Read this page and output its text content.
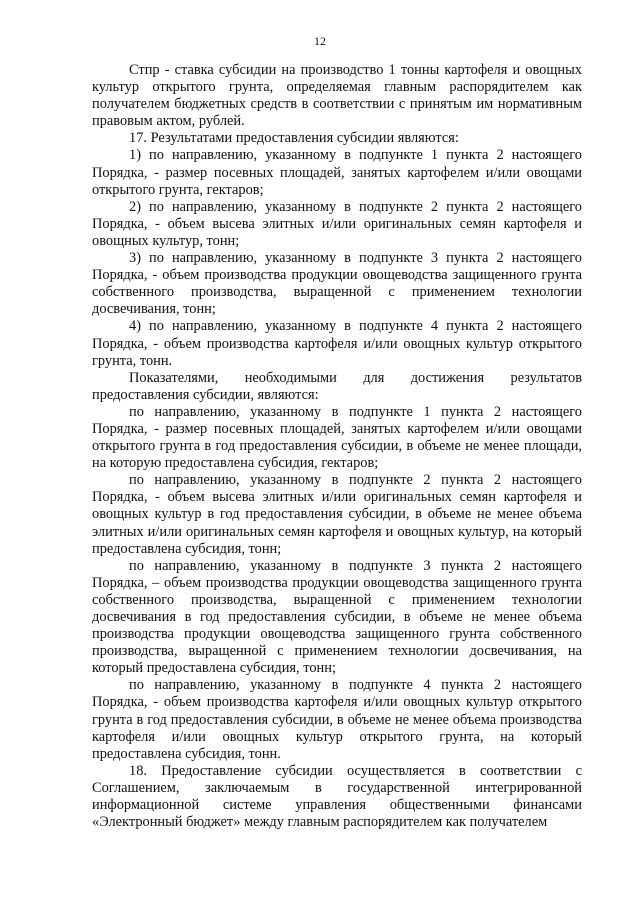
12

Стпр - ставка субсидии на производство 1 тонны картофеля и овощных культур открытого грунта, определяемая главным распорядителем как получателем бюджетных средств в соответствии с принятым им нормативным правовым актом, рублей.

17. Результатами предоставления субсидии являются:

1) по направлению, указанному в подпункте 1 пункта 2 настоящего Порядка, - размер посевных площадей, занятых картофелем и/или овощами открытого грунта, гектаров;

2) по направлению, указанному в подпункте 2 пункта 2 настоящего Порядка, - объем высева элитных и/или оригинальных семян картофеля и овощных культур, тонн;

3) по направлению, указанному в подпункте 3 пункта 2 настоящего Порядка, - объем производства продукции овощеводства защищенного грунта собственного производства, выращенной с применением технологии досвечивания, тонн;

4) по направлению, указанному в подпункте 4 пункта 2 настоящего Порядка, - объем производства картофеля и/или овощных культур открытого грунта, тонн.

Показателями, необходимыми для достижения результатов предоставления субсидии, являются:

по направлению, указанному в подпункте 1 пункта 2 настоящего Порядка, - размер посевных площадей, занятых картофелем и/или овощами открытого грунта в год предоставления субсидии, в объеме не менее площади, на которую предоставлена субсидия, гектаров;

по направлению, указанному в подпункте 2 пункта 2 настоящего Порядка, - объем высева элитных и/или оригинальных семян картофеля и овощных культур в год предоставления субсидии, в объеме не менее объема элитных и/или оригинальных семян картофеля и овощных культур, на который предоставлена субсидия, тонн;

по направлению, указанному в подпункте 3 пункта 2 настоящего Порядка, – объем производства продукции овощеводства защищенного грунта собственного производства, выращенной с применением технологии досвечивания в год предоставления субсидии, в объеме не менее объема производства продукции овощеводства защищенного грунта собственного производства, выращенной с применением технологии досвечивания, на который предоставлена субсидия, тонн;

по направлению, указанному в подпункте 4 пункта 2 настоящего Порядка, - объем производства картофеля и/или овощных культур открытого грунта в год предоставления субсидии, в объеме не менее объема производства картофеля и/или овощных культур открытого грунта, на который предоставлена субсидия, тонн.

18. Предоставление субсидии осуществляется в соответствии с Соглашением, заключаемым в государственной интегрированной информационной системе управления общественными финансами «Электронный бюджет» между главным распорядителем как получателем
